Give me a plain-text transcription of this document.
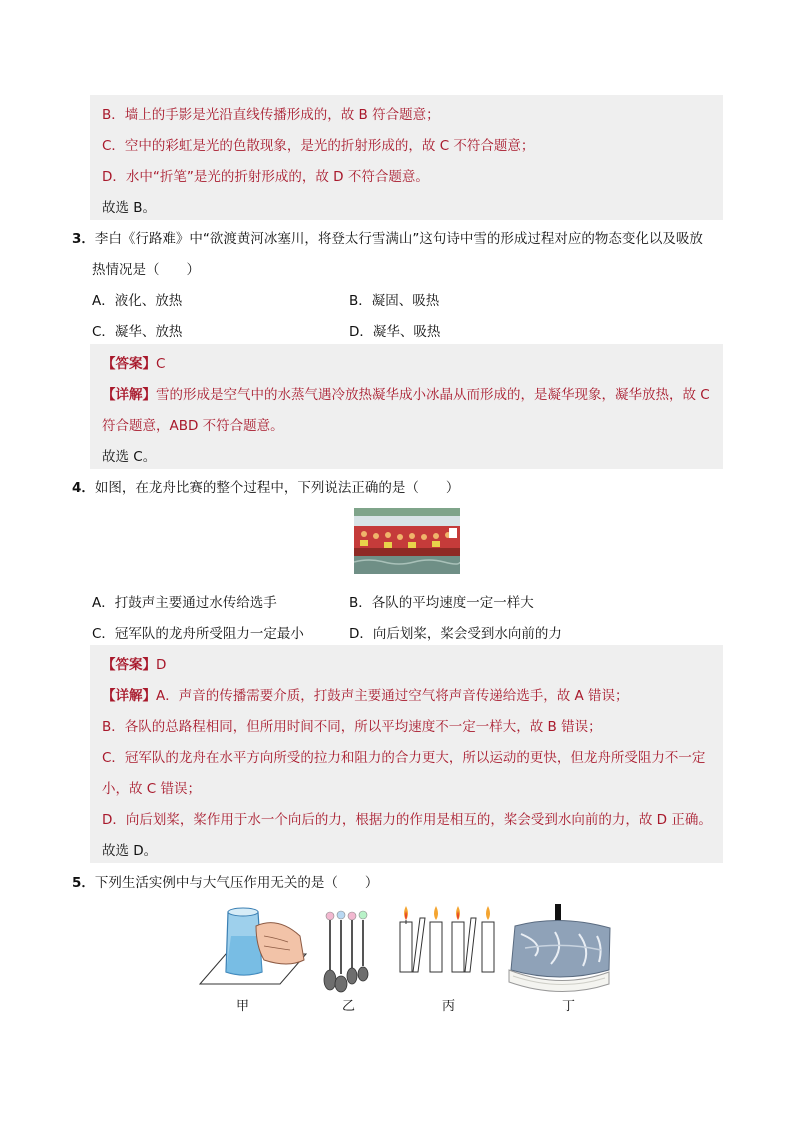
B．墙上的手影是光沿直线传播形成的，故 B 符合题意；
C．空中的彩虹是光的色散现象，是光的折射形成的，故 C 不符合题意；
D．水中“折笔”是光的折射形成的，故 D 不符合题意。
故选 B。
3．李白《行路难》中“欲渡黄河冰塞川，将登太行雪满山”这句诗中雪的形成过程对应的物态变化以及吸放
热情况是（　　）
A．液化、放热	B．凝固、吸热
C．凝华、放热	D．凝华、吸热
【答案】C
【详解】雪的形成是空气中的水蒸气遇冷放热凝华成小冰晶从而形成的，是凝华现象，凝华放热，故 C
符合题意，ABD 不符合题意。
故选 C。
4．如图，在龙舟比赛的整个过程中，下列说法正确的是（　　）
A．打鼓声主要通过水传给选手	B．各队的平均速度一定一样大
C．冠军队的龙舟所受阻力一定最小	D．向后划桨，桨会受到水向前的力
【答案】D
【详解】A．声音的传播需要介质，打鼓声主要通过空气将声音传递给选手，故 A 错误；
B．各队的总路程相同，但所用时间不同，所以平均速度不一定一样大，故 B 错误；
C．冠军队的龙舟在水平方向所受的拉力和阻力的合力更大，所以运动的更快，但龙舟所受阻力不一定
小，故 C 错误；
D．向后划桨，桨作用于水一个向后的力，根据力的作用是相互的，桨会受到水向前的力，故 D 正确。
故选 D。
5．下列生活实例中与大气压作用无关的是（　　）
甲	乙	丙	丁
